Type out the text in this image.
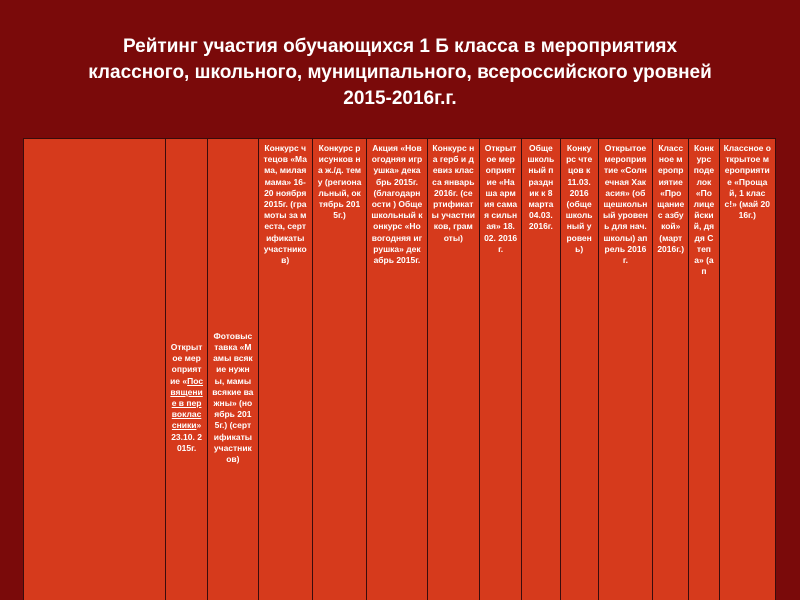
Рейтинг участия обучающихся 1 Б класса в мероприятиях
классного, школьного, муниципального, всероссийского уровней
2015-2016г.г.
	Открытое мероприятие «Посвящение в первоклассники» 23.10. 2015г.	Фотовыставка «Мамы всякие нужны, мамы всякие важны» (ноябрь 2015г.) (сертификаты участников)	Конкурс чтецов «Мама, милая мама» 16-20 ноября 2015г. (грамоты за места, сертификаты участников)	Конкурс рисунков на ж./д. тему (региональный, октябрь 2015г.)	Акция «Новогодняя игрушка» декабрь 2015г. (благодарности ) Общешкольный конкурс «Новогодняя игрушка» декабрь 2015г.	Конкурс на герб и девиз класса январь 2016г. (сертификаты участников, грамоты)	Открытое мероприятие «Наша армия самая сильная» 18.02. 2016г.	Общешкольный праздник к 8 марта 04.03. 2016г.	Конкурс чтецов к 11.03. 2016 (общешкольный уровень)	Открытое мероприятие «Солнечная Хакасия» (общешкольный уровень для нач. школы) апрель 2016г.	Классное мероприятие «Прощание с азбукой» (март 2016г.)	Конкурс поделок «Полицейский, дядя Степа» (ап	Классное открытое мероприятие «Прощай, 1 класс!» (май 2016г.)
